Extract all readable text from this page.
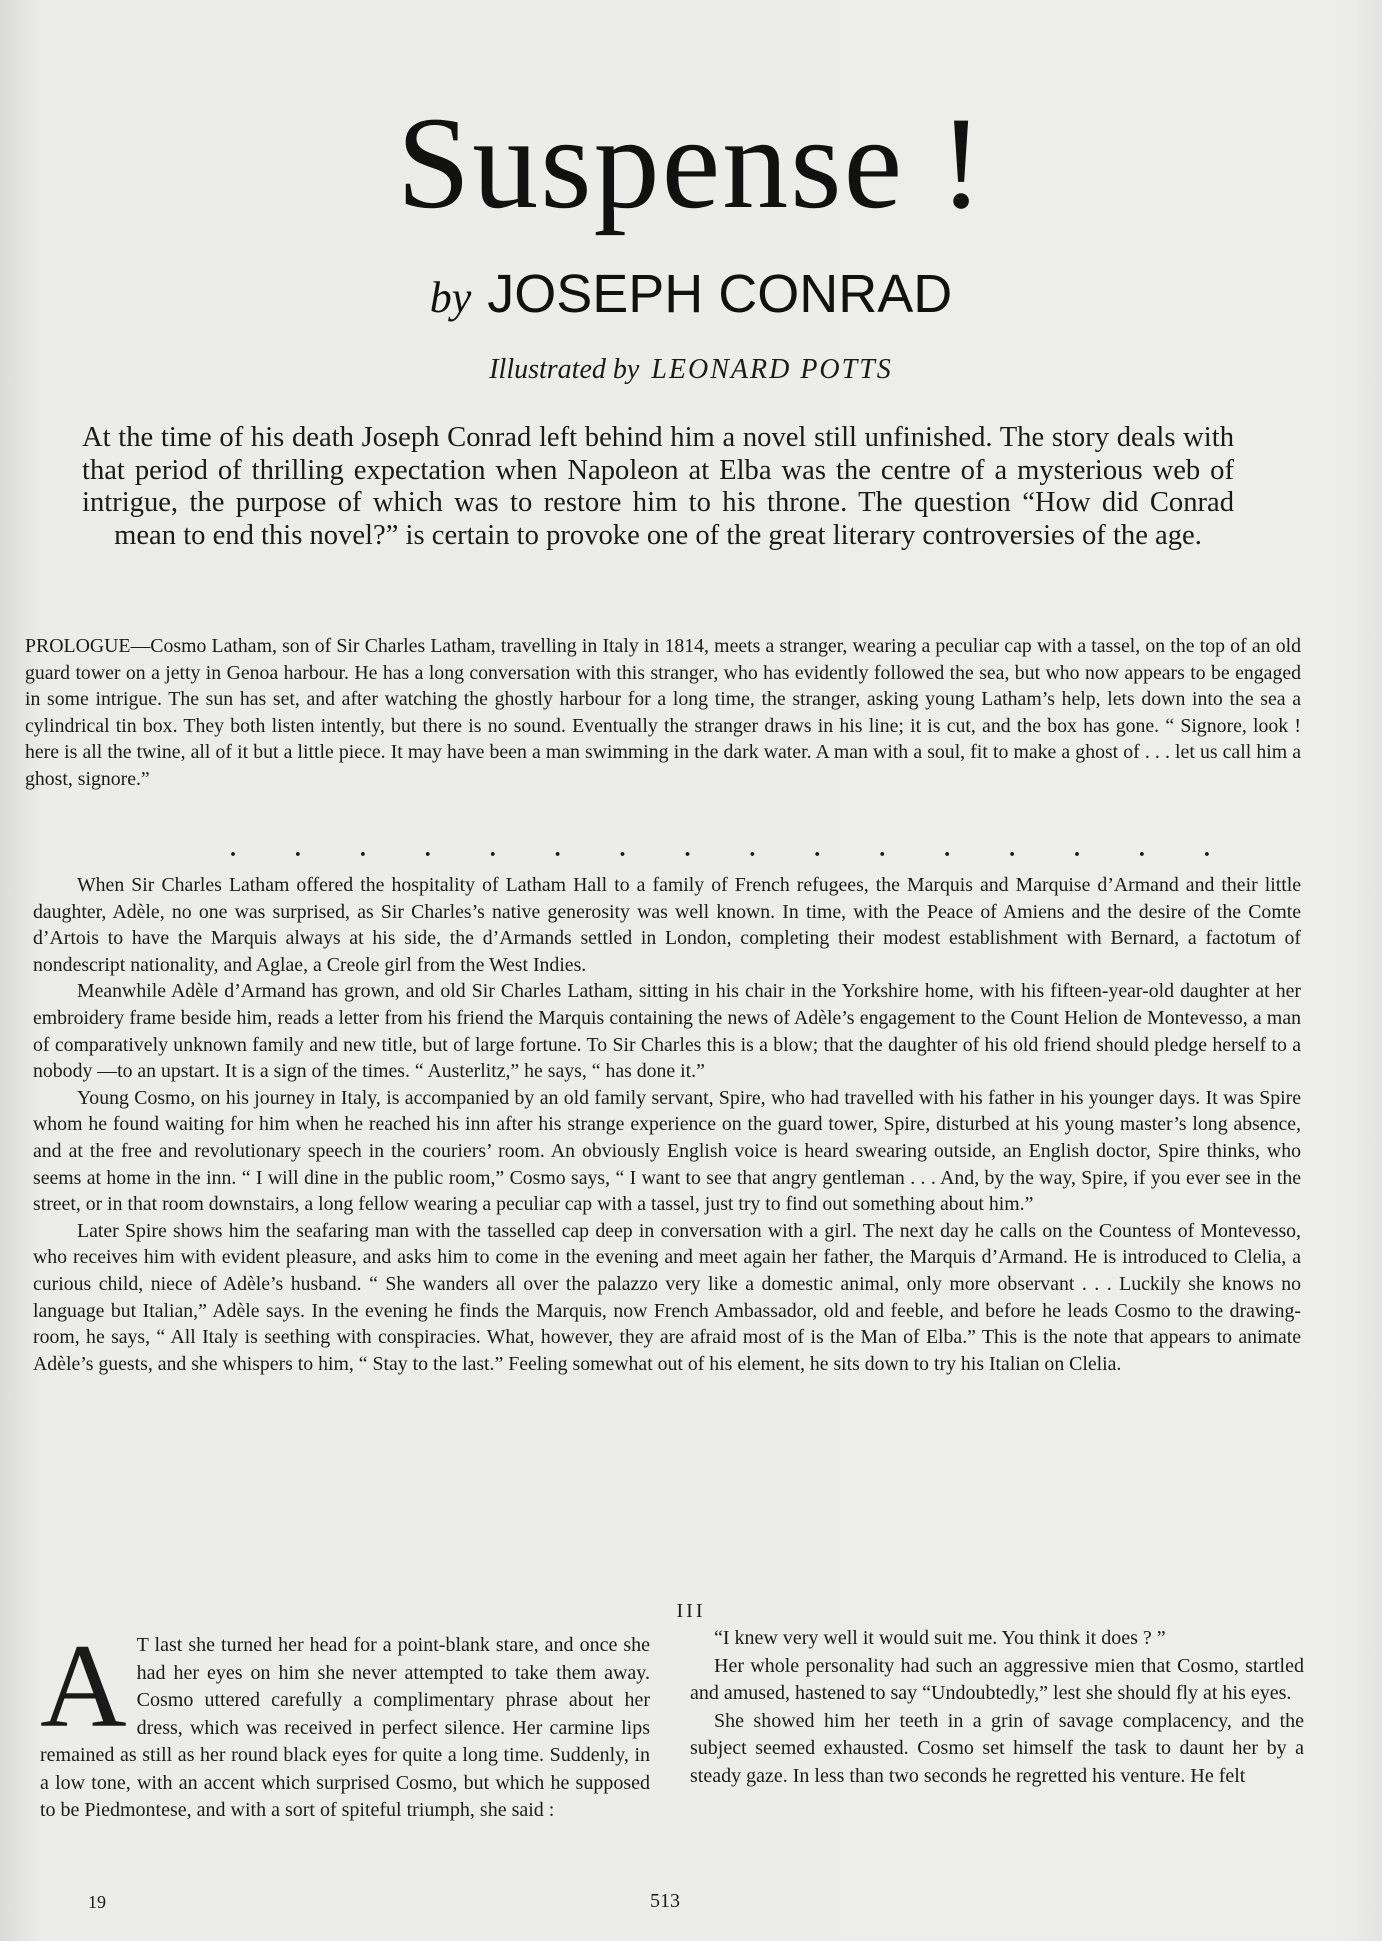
Suspense !
by JOSEPH CONRAD
Illustrated by LEONARD POTTS
At the time of his death Joseph Conrad left behind him a novel still unfinished. The story deals with that period of thrilling expectation when Napoleon at Elba was the centre of a mysterious web of intrigue, the purpose of which was to restore him to his throne. The question “How did Conrad mean to end this novel?” is certain to provoke one of the great literary controversies of the age.
PROLOGUE—Cosmo Latham, son of Sir Charles Latham, travelling in Italy in 1814, meets a stranger, wearing a peculiar cap with a tassel, on the top of an old guard tower on a jetty in Genoa harbour. He has a long conversation with this stranger, who has evidently followed the sea, but who now appears to be engaged in some intrigue. The sun has set, and after watching the ghostly harbour for a long time, the stranger, asking young Latham’s help, lets down into the sea a cylindrical tin box. They both listen intently, but there is no sound. Eventually the stranger draws in his line; it is cut, and the box has gone. “ Signore, look ! here is all the twine, all of it but a little piece. It may have been a man swimming in the dark water. A man with a soul, fit to make a ghost of . . . let us call him a ghost, signore.”
. . . . . . . . . . . . . . . .

When Sir Charles Latham offered the hospitality of Latham Hall to a family of French refugees, the Marquis and Marquise d’Armand and their little daughter, Adèle, no one was surprised, as Sir Charles’s native generosity was well known. In time, with the Peace of Amiens and the desire of the Comte d’Artois to have the Marquis always at his side, the d’Armands settled in London, completing their modest establishment with Bernard, a factotum of nondescript nationality, and Aglae, a Creole girl from the West Indies.

Meanwhile Adèle d’Armand has grown, and old Sir Charles Latham, sitting in his chair in the Yorkshire home, with his fifteen-year-old daughter at her embroidery frame beside him, reads a letter from his friend the Marquis containing the news of Adèle’s engagement to the Count Helion de Montevesso, a man of comparatively unknown family and new title, but of large fortune. To Sir Charles this is a blow; that the daughter of his old friend should pledge herself to a nobody —to an upstart. It is a sign of the times. “ Austerlitz,” he says, “ has done it.”

Young Cosmo, on his journey in Italy, is accompanied by an old family servant, Spire, who had travelled with his father in his younger days. It was Spire whom he found waiting for him when he reached his inn after his strange experience on the guard tower, Spire, disturbed at his young master’s long absence, and at the free and revolutionary speech in the couriers’ room. An obviously English voice is heard swearing outside, an English doctor, Spire thinks, who seems at home in the inn. “ I will dine in the public room,” Cosmo says, “ I want to see that angry gentleman . . . And, by the way, Spire, if you ever see in the street, or in that room downstairs, a long fellow wearing a peculiar cap with a tassel, just try to find out something about him.”

Later Spire shows him the seafaring man with the tasselled cap deep in conversation with a girl. The next day he calls on the Countess of Montevesso, who receives him with evident pleasure, and asks him to come in the evening and meet again her father, the Marquis d’Armand. He is introduced to Clelia, a curious child, niece of Adèle’s husband. “ She wanders all over the palazzo very like a domestic animal, only more observant . . . Luckily she knows no language but Italian,” Adèle says. In the evening he finds the Marquis, now French Ambassador, old and feeble, and before he leads Cosmo to the drawing-room, he says, “ All Italy is seething with conspiracies. What, however, they are afraid most of is the Man of Elba.” This is the note that appears to animate Adèle’s guests, and she whispers to him, “ Stay to the last.” Feeling somewhat out of his element, he sits down to try his Italian on Clelia.

III
A T last she turned her head for a point-blank stare, and once she had her eyes on him she never attempted to take them away. Cosmo uttered carefully a complimentary phrase about her dress, which was received in perfect silence. Her carmine lips remained as still as her round black eyes for quite a long time. Suddenly, in a low tone, with an accent which surprised Cosmo, but which he supposed to be Piedmontese, and with a sort of spiteful triumph, she said :

“I knew very well it would suit me. You think it does ? ”

Her whole personality had such an aggressive mien that Cosmo, startled and amused, hastened to say “Undoubtedly,” lest she should fly at his eyes.

She showed him her teeth in a grin of savage complacency, and the subject seemed exhausted. Cosmo set himself the task to daunt her by a steady gaze. In less than two seconds he regretted his venture. He felt

19	513
